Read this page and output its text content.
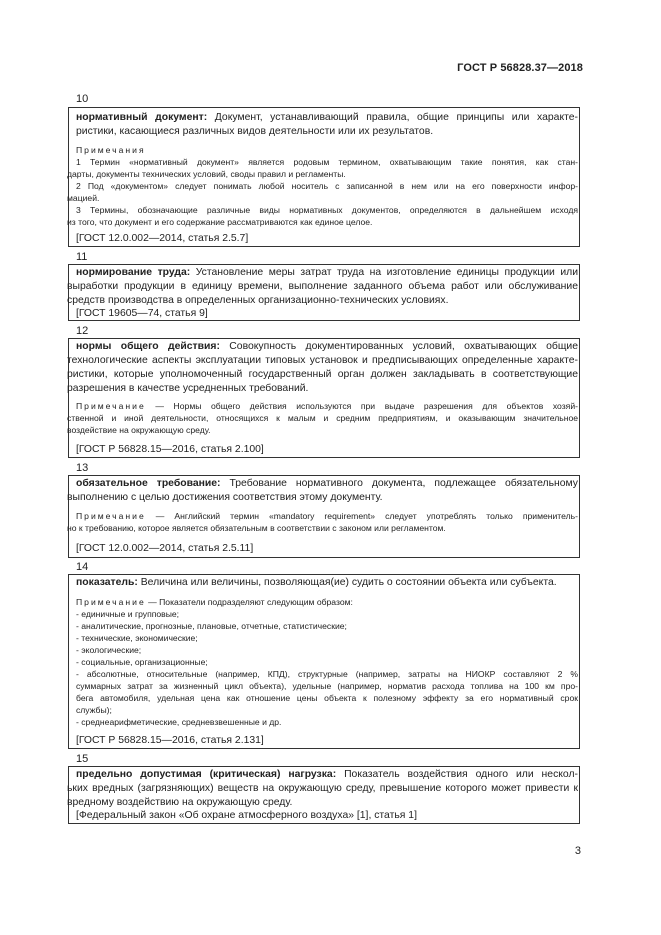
ГОСТ Р 56828.37—2018
10
нормативный документ: Документ, устанавливающий правила, общие принципы или характе-
ристики, касающиеся различных видов деятельности или их результатов.
Примечания
1 Термин «нормативный документ» является родовым термином, охватывающим такие понятия, как стан-
дарты, документы технических условий, своды правил и регламенты.
2 Под «документом» следует понимать любой носитель с записанной в нем или на его поверхности инфор-
мацией.
3 Термины, обозначающие различные виды нормативных документов, определяются в дальнейшем исходя
из того, что документ и его содержание рассматриваются как единое целое.
[ГОСТ 12.0.002—2014, статья 2.5.7]
11
нормирование труда: Установление меры затрат труда на изготовление единицы продукции или
выработки продукции в единицу времени, выполнение заданного объема работ или обслуживание
средств производства в определенных организационно-технических условиях.
[ГОСТ 19605—74, статья 9]
12
нормы общего действия: Совокупность документированных условий, охватывающих общие
технологические аспекты эксплуатации типовых установок и предписывающих определенные характе-
ристики, которые уполномоченный государственный орган должен закладывать в соответствующие
разрешения в качестве усредненных требований.
Примечание — Нормы общего действия используются при выдаче разрешения для объектов хозяй-
ственной и иной деятельности, относящихся к малым и средним предприятиям, и оказывающим значительное
воздействие на окружающую среду.
[ГОСТ Р 56828.15—2016, статья 2.100]
13
обязательное требование: Требование нормативного документа, подлежащее обязательному
выполнению с целью достижения соответствия этому документу.
Примечание — Английский термин «mandatory requirement» следует употреблять только применитель-
но к требованию, которое является обязательным в соответствии с законом или регламентом.
[ГОСТ 12.0.002—2014, статья 2.5.11]
14
показатель: Величина или величины, позволяющая(ие) судить о состоянии объекта или субъекта.
Примечание — Показатели подразделяют следующим образом:
- единичные и групповые;
- аналитические, прогнозные, плановые, отчетные, статистические;
- технические, экономические;
- экологические;
- социальные, организационные;
- абсолютные, относительные (например, КПД), структурные (например, затраты на НИОКР составляют 2 %
суммарных затрат за жизненный цикл объекта), удельные (например, норматив расхода топлива на 100 км про-
бега автомобиля, удельная цена как отношение цены объекта к полезному эффекту за его нормативный срок
службы);
- среднеарифметические, средневзвешенные и др.
[ГОСТ Р 56828.15—2016, статья 2.131]
15
предельно допустимая (критическая) нагрузка: Показатель воздействия одного или нескол-
ьких вредных (загрязняющих) веществ на окружающую среду, превышение которого может привести к
вредному воздействию на окружающую среду.
[Федеральный закон «Об охране атмосферного воздуха» [1], статья 1]
3
